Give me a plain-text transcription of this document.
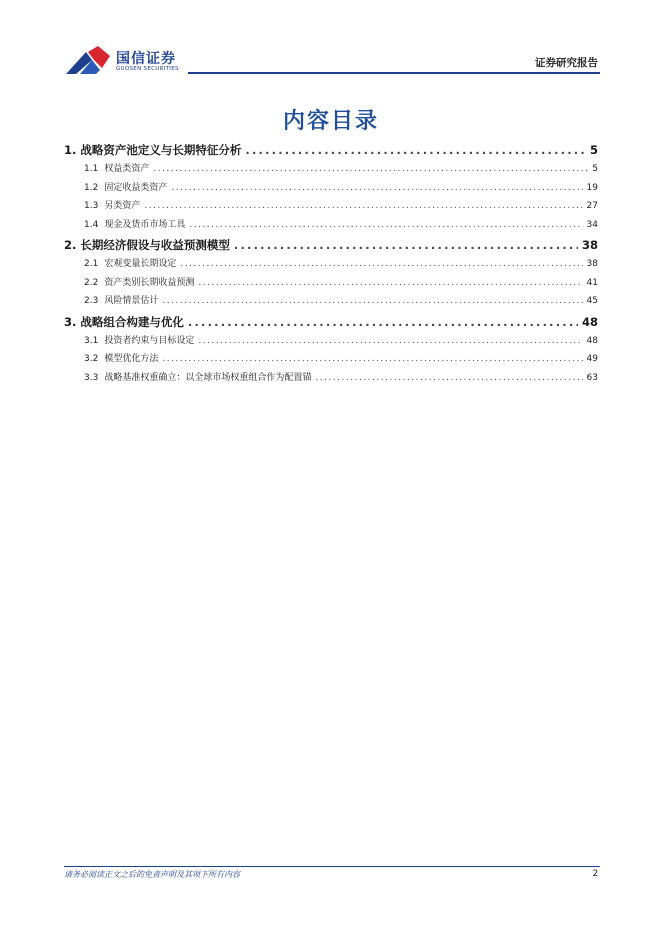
国信证券
GUOSEN SECURITIES	证券研究报告
内容目录
1. 战略资产池定义与长期特征分析 .....	5
1.1 权益类资产 .....	5
1.2 固定收益类资产 .....	19
1.3 另类资产 .....	27
1.4 现金及货币市场工具 .....	34
2. 长期经济假设与收益预测模型 .....	38
2.1 宏观变量长期设定 .....	38
2.2 资产类别长期收益预测 .....	41
2.3 风险情景估计 .....	45
3. 战略组合构建与优化 .....	48
3.1 投资者约束与目标设定 .....	48
3.2 模型优化方法 .....	49
3.3 战略基准权重确立：以全球市场权重组合作为配置锚 .....	63
请务必阅读正文之后的免责声明及其项下所有内容	2
